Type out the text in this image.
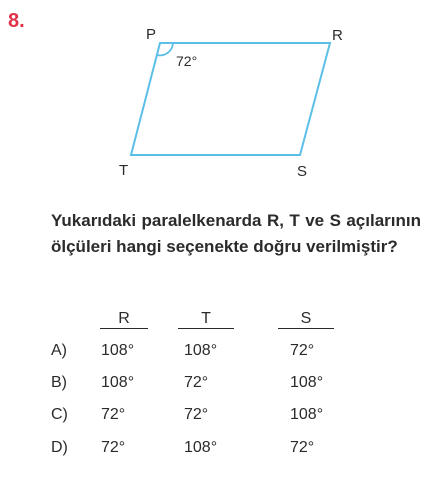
8.
P	R
T	S
72°
Yukarıdaki paralelkenarda R, T ve S açılarının ölçüleri hangi seçenekte doğru verilmiştir?
R	T	S
A) 108°	108°	72°
B) 108°	72°	108°
C) 72°	72°	108°
D) 72°	108°	72°
